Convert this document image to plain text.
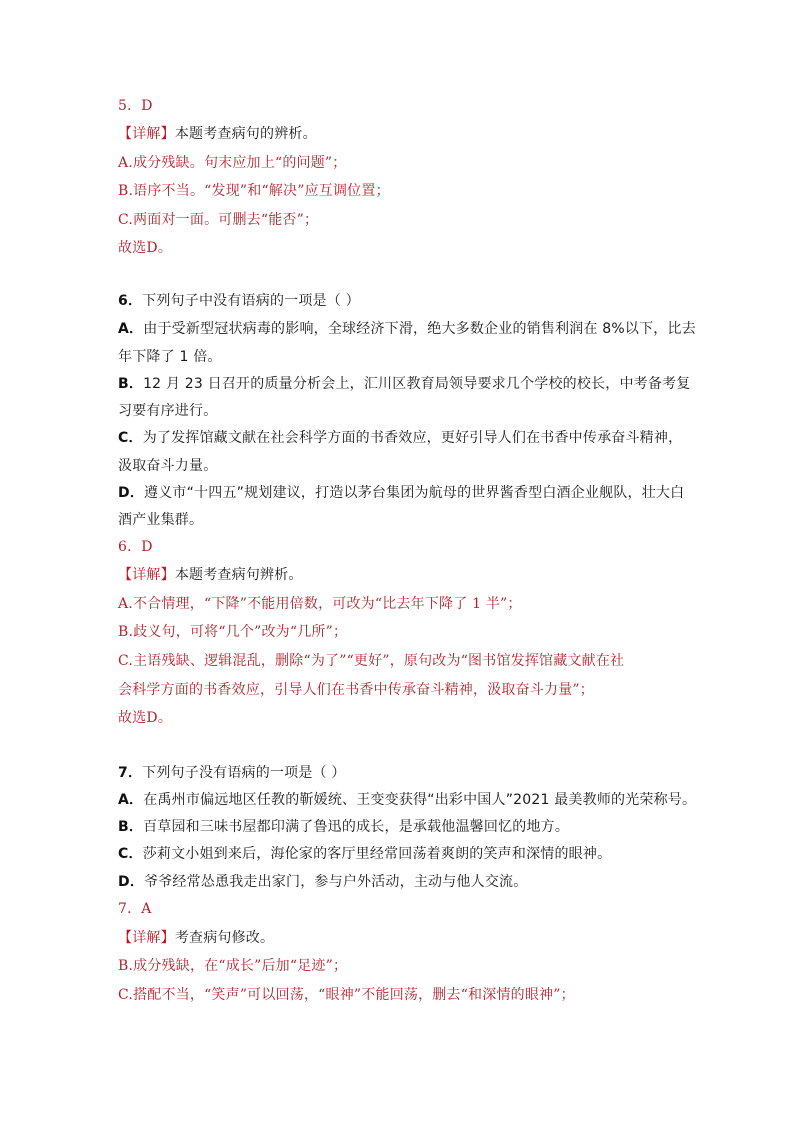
5．D
【详解】本题考查病句的辨析。
A.成分残缺。句末应加上“的问题”；
B.语序不当。“发现”和“解决”应互调位置；
C.两面对一面。可删去“能否”；
故选D。
6．下列句子中没有语病的一项是（ ）
A．由于受新型冠状病毒的影响，全球经济下滑，绝大多数企业的销售利润在 8%以下，比去
年下降了 1 倍。
B．12 月 23 日召开的质量分析会上，汇川区教育局领导要求几个学校的校长，中考备考复
习要有序进行。
C．为了发挥馆藏文献在社会科学方面的书香效应，更好引导人们在书香中传承奋斗精神，
汲取奋斗力量。
D．遵义市“十四五”规划建议，打造以茅台集团为航母的世界酱香型白酒企业舰队，壮大白
酒产业集群。
6．D
【详解】本题考查病句辨析。
A.不合情理，“下降”不能用倍数，可改为“比去年下降了 1 半”；
B.歧义句，可将“几个”改为“几所”；
C.主语残缺、逻辑混乱，删除“为了”“更好”，原句改为“图书馆发挥馆藏文献在社
会科学方面的书香效应，引导人们在书香中传承奋斗精神，汲取奋斗力量”；
故选D。
7．下列句子没有语病的一项是（ ）
A．在禹州市偏远地区任教的靳媛统、王变变获得“出彩中国人”2021 最美教师的光荣称号。
B．百草园和三味书屋都印满了鲁迅的成长，是承载他温馨回忆的地方。
C．莎莉文小姐到来后，海伦家的客厅里经常回荡着爽朗的笑声和深情的眼神。
D．爷爷经常怂恿我走出家门，参与户外活动，主动与他人交流。
7．A
【详解】考查病句修改。
B.成分残缺，在“成长”后加“足迹”；
C.搭配不当，“笑声”可以回荡，“眼神”不能回荡，删去“和深情的眼神”；
